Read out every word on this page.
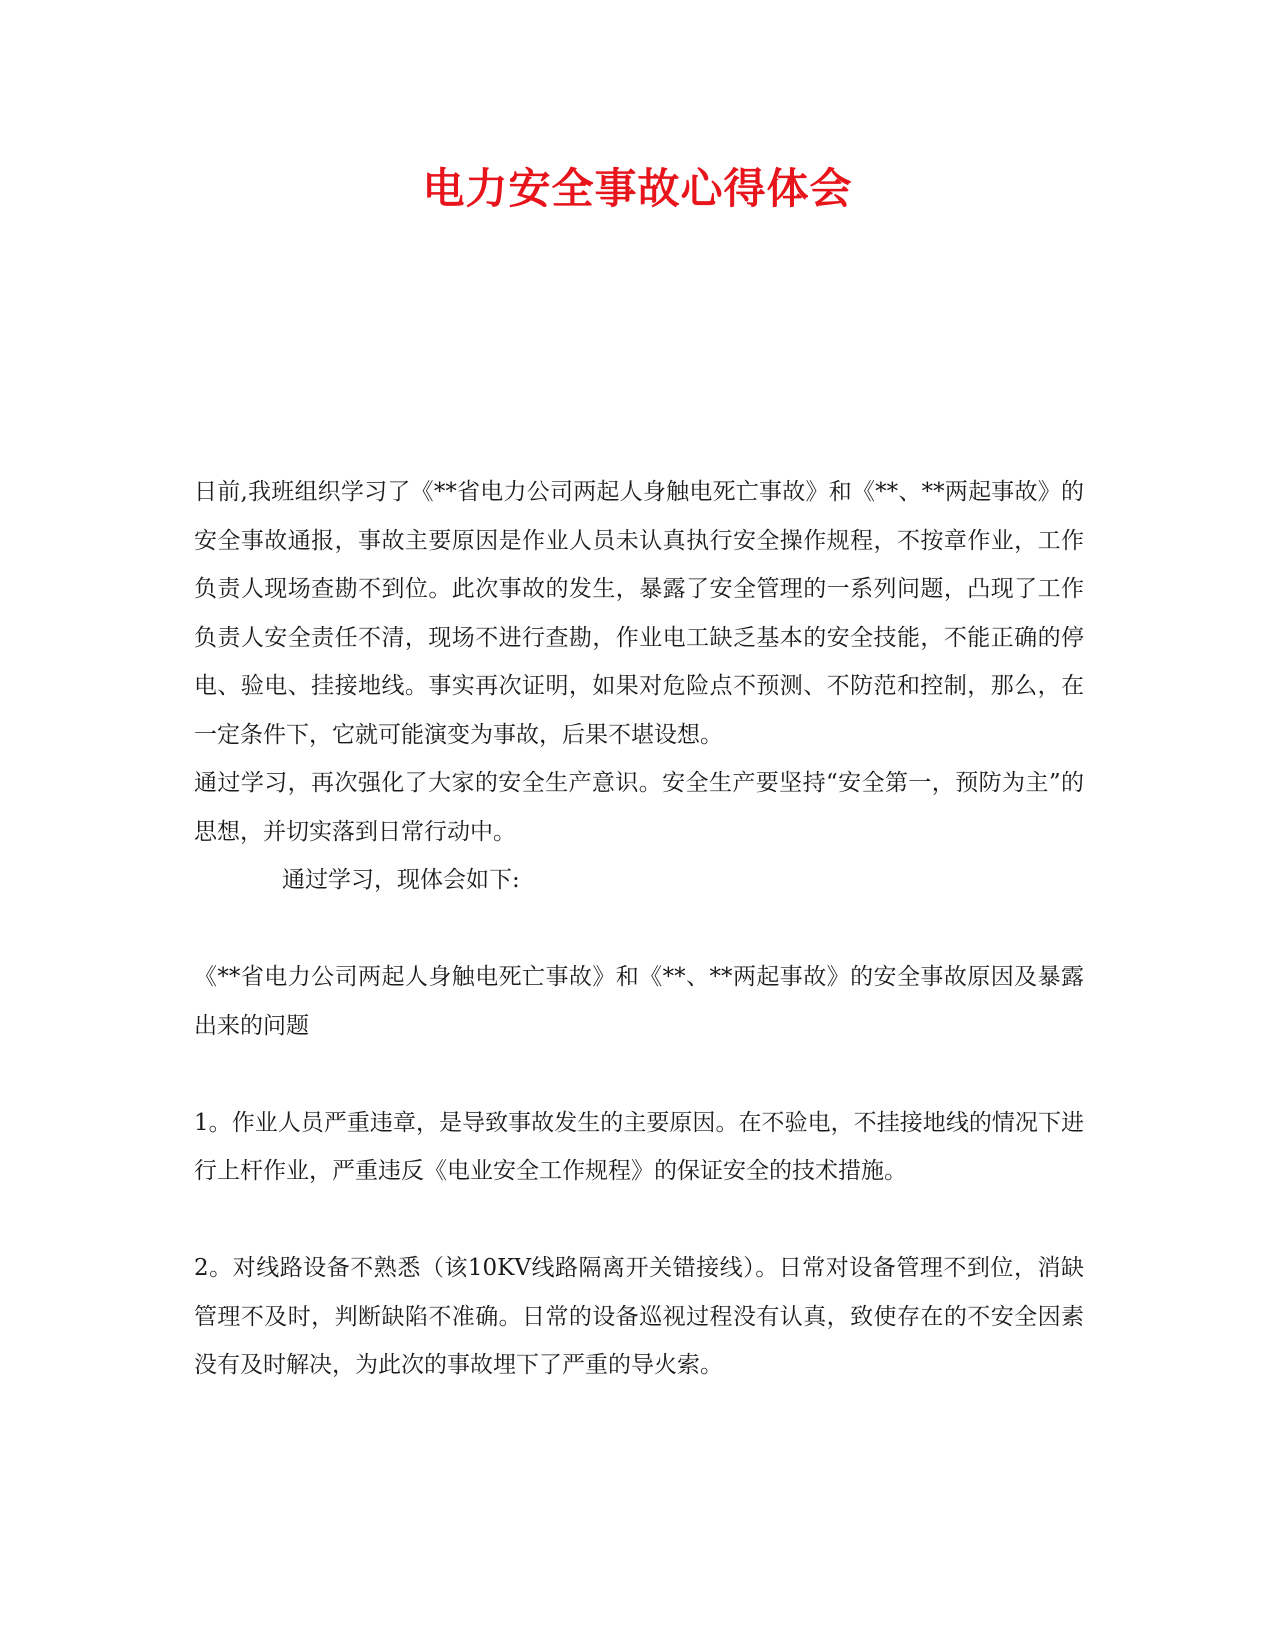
电力安全事故心得体会

日前,我班组织学习了《**省电力公司两起人身触电死亡事故》和《**、**两起事故》的安全事故通报，事故主要原因是作业人员未认真执行安全操作规程，不按章作业，工作负责人现场查勘不到位。此次事故的发生，暴露了安全管理的一系列问题，凸现了工作负责人安全责任不清，现场不进行查勘，作业电工缺乏基本的安全技能，不能正确的停电、验电、挂接地线。事实再次证明，如果对危险点不预测、不防范和控制，那么，在一定条件下，它就可能演变为事故，后果不堪设想。

通过学习，再次强化了大家的安全生产意识。安全生产要坚持“安全第一，预防为主”的思想，并切实落到日常行动中。

通过学习，现体会如下:

《**省电力公司两起人身触电死亡事故》和《**、**两起事故》的安全事故原因及暴露出来的问题

1。作业人员严重违章，是导致事故发生的主要原因。在不验电，不挂接地线的情况下进行上杆作业，严重违反《电业安全工作规程》的保证安全的技术措施。

2。对线路设备不熟悉（该10KV线路隔离开关错接线）。日常对设备管理不到位，消缺管理不及时，判断缺陷不准确。日常的设备巡视过程没有认真，致使存在的不安全因素没有及时解决，为此次的事故埋下了严重的导火索。
